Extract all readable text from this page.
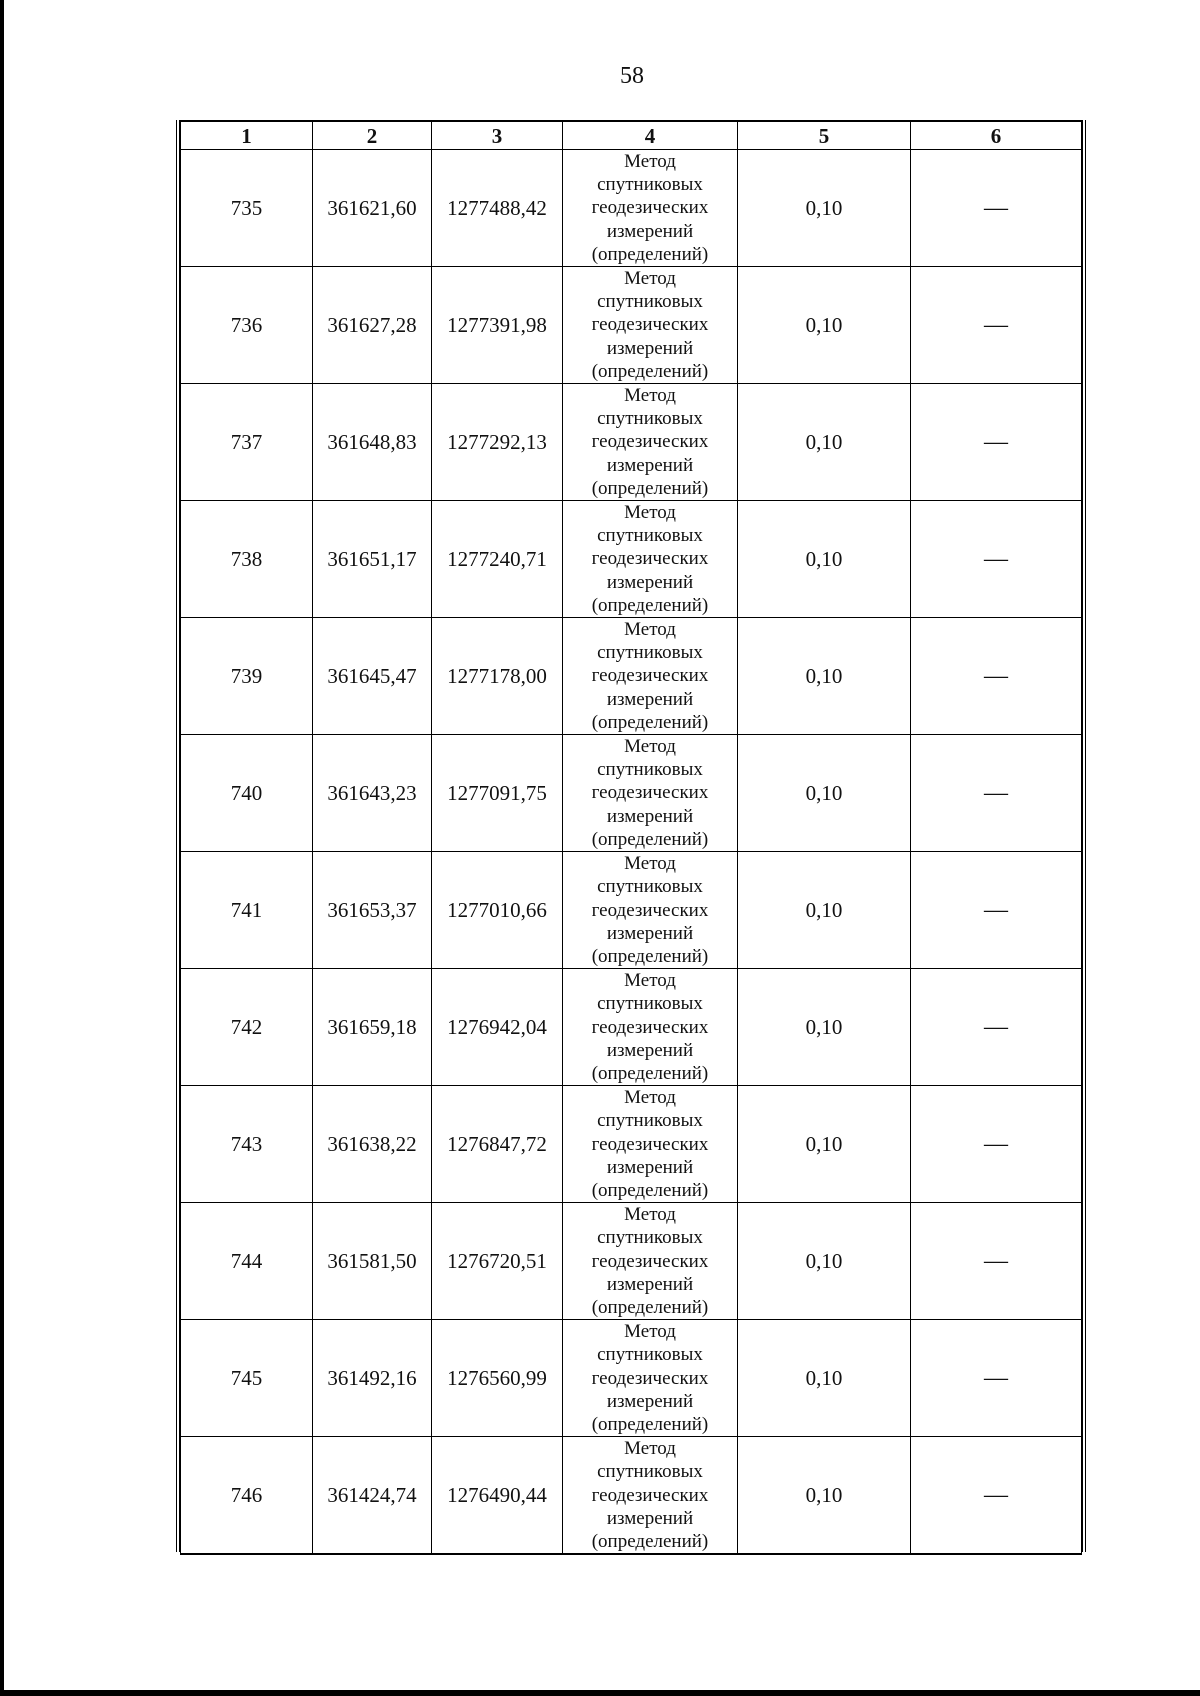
58
1	2	3	4	5	6
735	361621,60	1277488,42	Метод
спутниковых
геодезических
измерений
(определений)	0,10	—
736	361627,28	1277391,98	Метод
спутниковых
геодезических
измерений
(определений)	0,10	—
737	361648,83	1277292,13	Метод
спутниковых
геодезических
измерений
(определений)	0,10	—
738	361651,17	1277240,71	Метод
спутниковых
геодезических
измерений
(определений)	0,10	—
739	361645,47	1277178,00	Метод
спутниковых
геодезических
измерений
(определений)	0,10	—
740	361643,23	1277091,75	Метод
спутниковых
геодезических
измерений
(определений)	0,10	—
741	361653,37	1277010,66	Метод
спутниковых
геодезических
измерений
(определений)	0,10	—
742	361659,18	1276942,04	Метод
спутниковых
геодезических
измерений
(определений)	0,10	—
743	361638,22	1276847,72	Метод
спутниковых
геодезических
измерений
(определений)	0,10	—
744	361581,50	1276720,51	Метод
спутниковых
геодезических
измерений
(определений)	0,10	—
745	361492,16	1276560,99	Метод
спутниковых
геодезических
измерений
(определений)	0,10	—
746	361424,74	1276490,44	Метод
спутниковых
геодезических
измерений
(определений)	0,10	—
